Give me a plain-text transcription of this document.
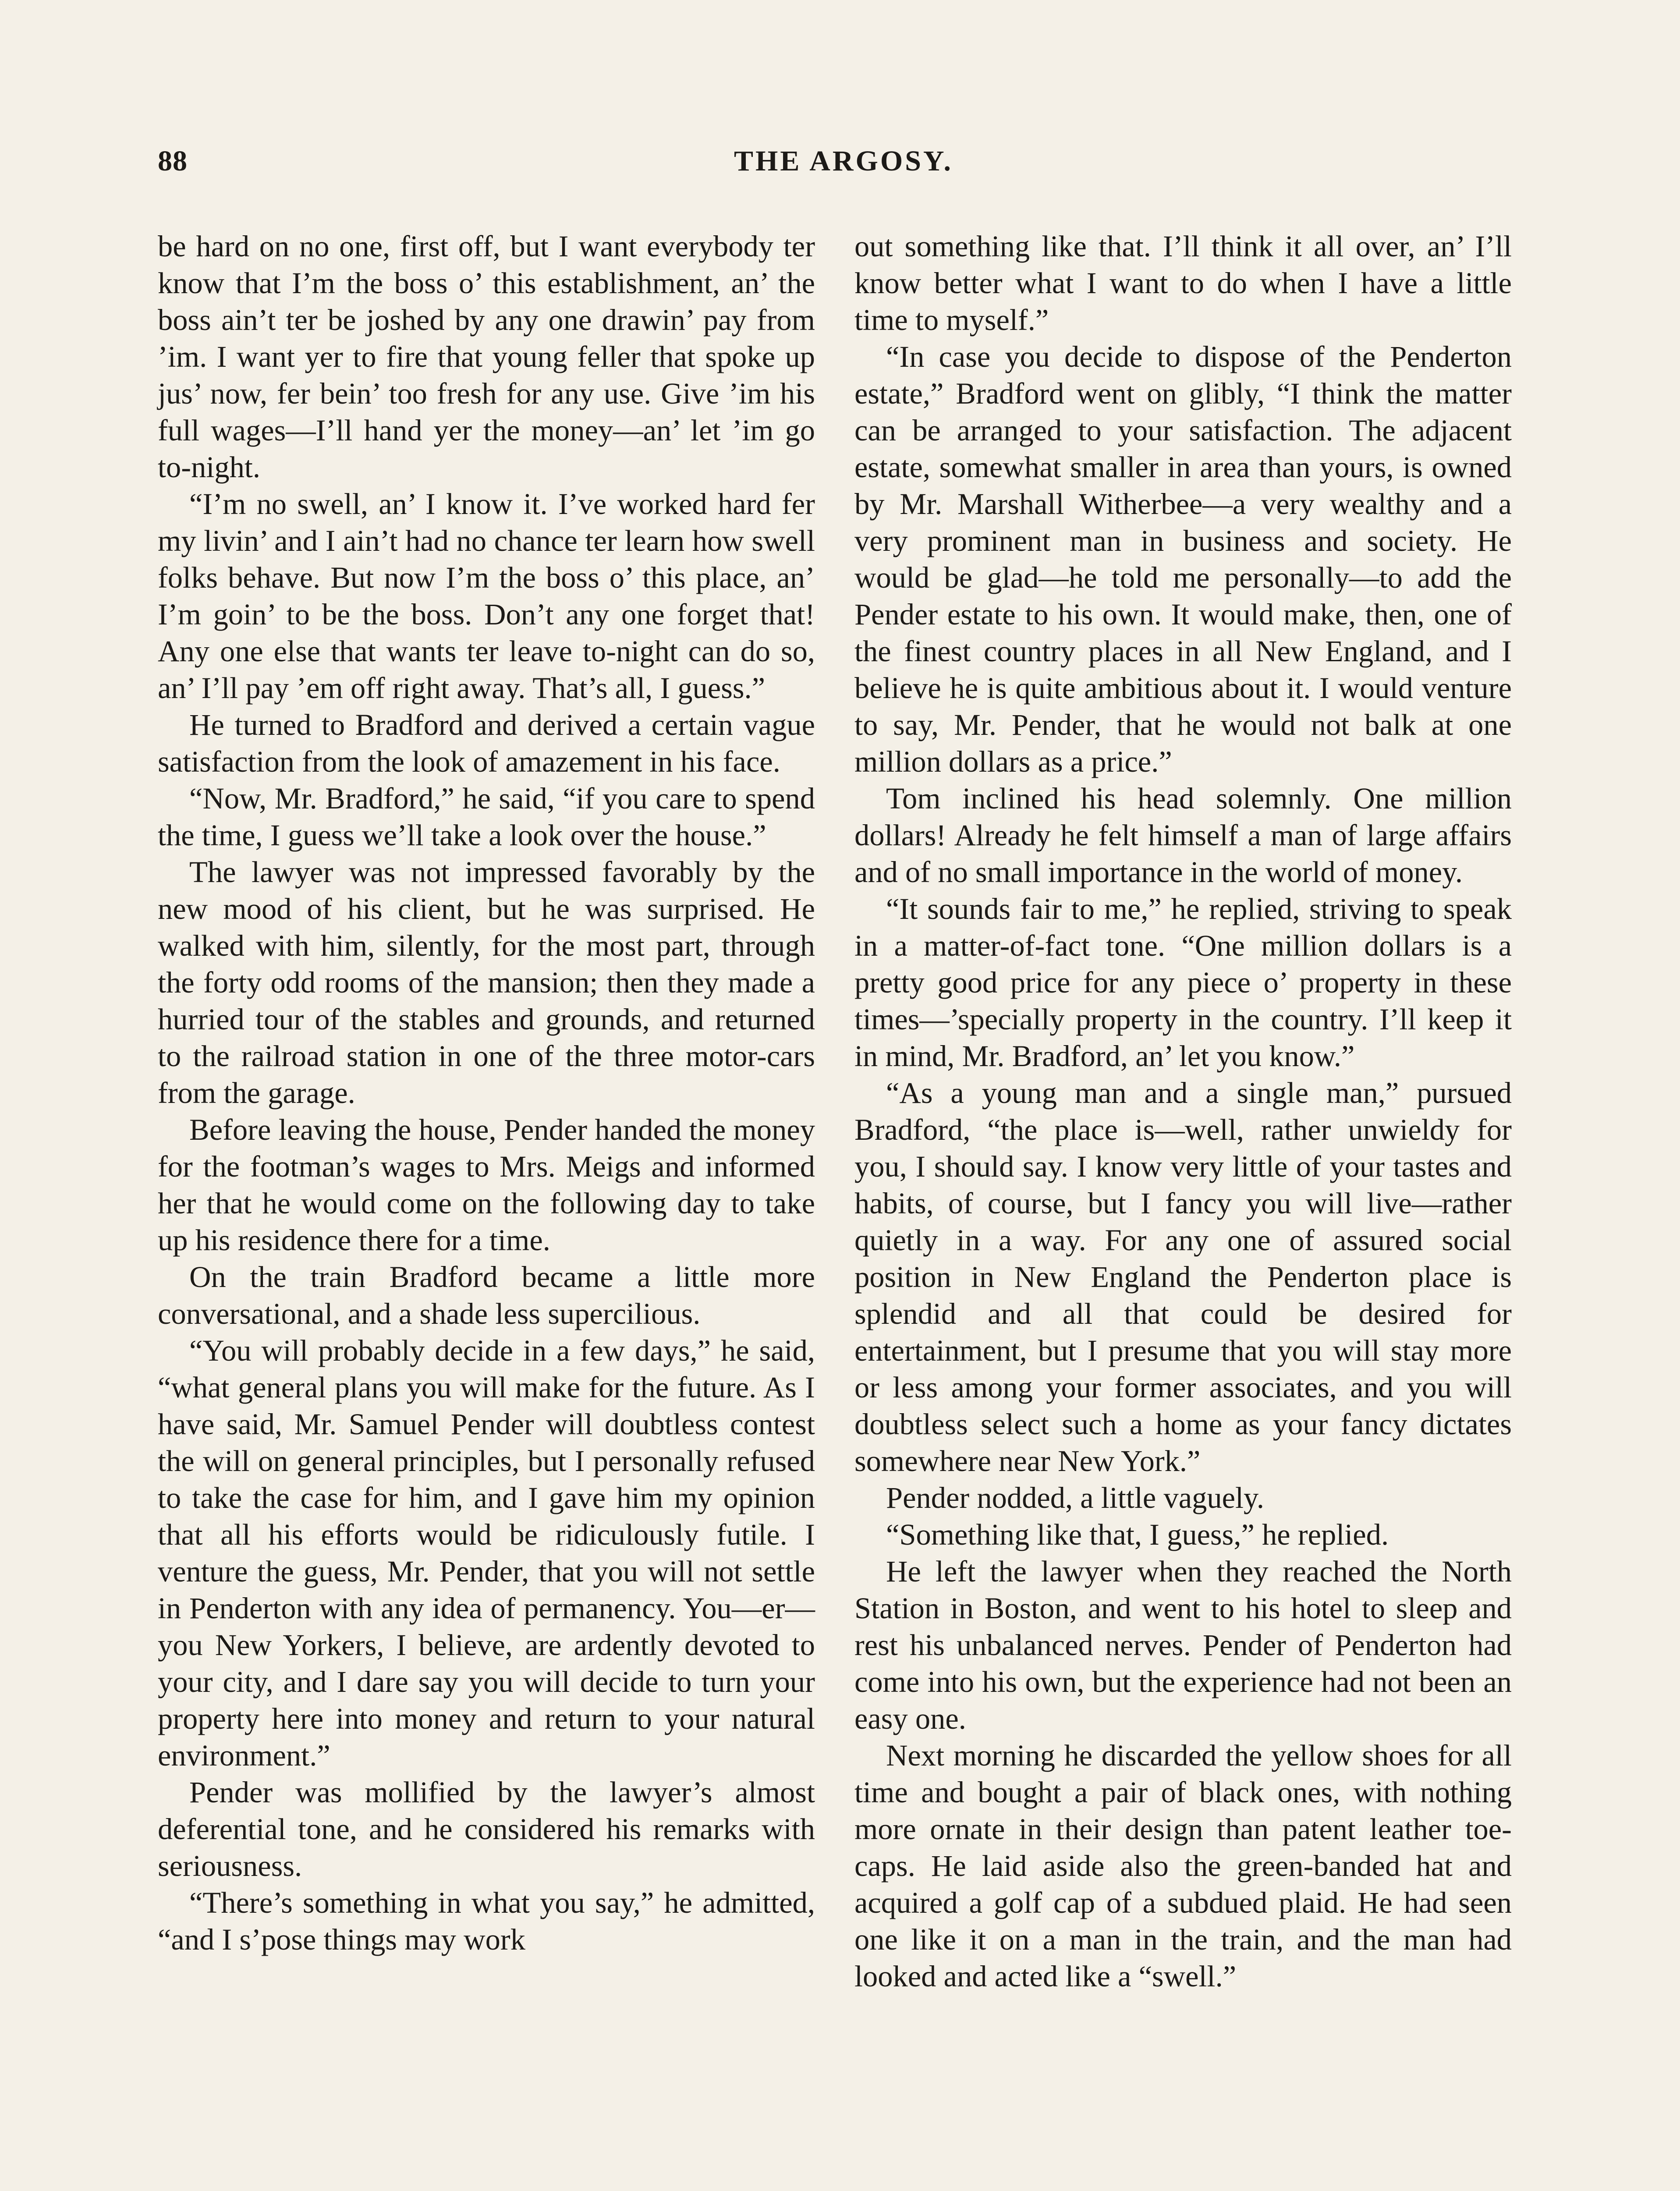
88	THE ARGOSY.

be hard on no one, first off, but I want everybody ter know that I’m the boss o’ this establishment, an’ the boss ain’t ter be joshed by any one drawin’ pay from ’im. I want yer to fire that young feller that spoke up jus’ now, fer bein’ too fresh for any use. Give ’im his full wages—I’ll hand yer the money—an’ let ’im go to-night.

“I’m no swell, an’ I know it. I’ve worked hard fer my livin’ and I ain’t had no chance ter learn how swell folks behave. But now I’m the boss o’ this place, an’ I’m goin’ to be the boss. Don’t any one forget that! Any one else that wants ter leave to-night can do so, an’ I’ll pay ’em off right away. That’s all, I guess.”

He turned to Bradford and derived a certain vague satisfaction from the look of amazement in his face.

“Now, Mr. Bradford,” he said, “if you care to spend the time, I guess we’ll take a look over the house.”

The lawyer was not impressed favorably by the new mood of his client, but he was surprised. He walked with him, silently, for the most part, through the forty odd rooms of the mansion; then they made a hurried tour of the stables and grounds, and returned to the railroad station in one of the three motor-cars from the garage.

Before leaving the house, Pender handed the money for the footman’s wages to Mrs. Meigs and informed her that he would come on the following day to take up his residence there for a time.

On the train Bradford became a little more conversational, and a shade less supercilious.

“You will probably decide in a few days,” he said, “what general plans you will make for the future. As I have said, Mr. Samuel Pender will doubtless contest the will on general principles, but I personally refused to take the case for him, and I gave him my opinion that all his efforts would be ridiculously futile. I venture the guess, Mr. Pender, that you will not settle in Penderton with any idea of permanency. You—er—you New Yorkers, I believe, are ardently devoted to your city, and I dare say you will decide to turn your property here into money and return to your natural environment.”

Pender was mollified by the lawyer’s almost deferential tone, and he considered his remarks with seriousness.

“There’s something in what you say,” he admitted, “and I s’pose things may work

out something like that. I’ll think it all over, an’ I’ll know better what I want to do when I have a little time to myself.”

“In case you decide to dispose of the Penderton estate,” Bradford went on glibly, “I think the matter can be arranged to your satisfaction. The adjacent estate, somewhat smaller in area than yours, is owned by Mr. Marshall Witherbee—a very wealthy and a very prominent man in business and society. He would be glad—he told me personally—to add the Pender estate to his own. It would make, then, one of the finest country places in all New England, and I believe he is quite ambitious about it. I would venture to say, Mr. Pender, that he would not balk at one million dollars as a price.”

Tom inclined his head solemnly. One million dollars! Already he felt himself a man of large affairs and of no small importance in the world of money.

“It sounds fair to me,” he replied, striving to speak in a matter-of-fact tone. “One million dollars is a pretty good price for any piece o’ property in these times—’specially property in the country. I’ll keep it in mind, Mr. Bradford, an’ let you know.”

“As a young man and a single man,” pursued Bradford, “the place is—well, rather unwieldy for you, I should say. I know very little of your tastes and habits, of course, but I fancy you will live—rather quietly in a way. For any one of assured social position in New England the Penderton place is splendid and all that could be desired for entertainment, but I presume that you will stay more or less among your former associates, and you will doubtless select such a home as your fancy dictates somewhere near New York.”

Pender nodded, a little vaguely.

“Something like that, I guess,” he replied.

He left the lawyer when they reached the North Station in Boston, and went to his hotel to sleep and rest his unbalanced nerves. Pender of Penderton had come into his own, but the experience had not been an easy one.

Next morning he discarded the yellow shoes for all time and bought a pair of black ones, with nothing more ornate in their design than patent leather toe-caps. He laid aside also the green-banded hat and acquired a golf cap of a subdued plaid. He had seen one like it on a man in the train, and the man had looked and acted like a “swell.”
